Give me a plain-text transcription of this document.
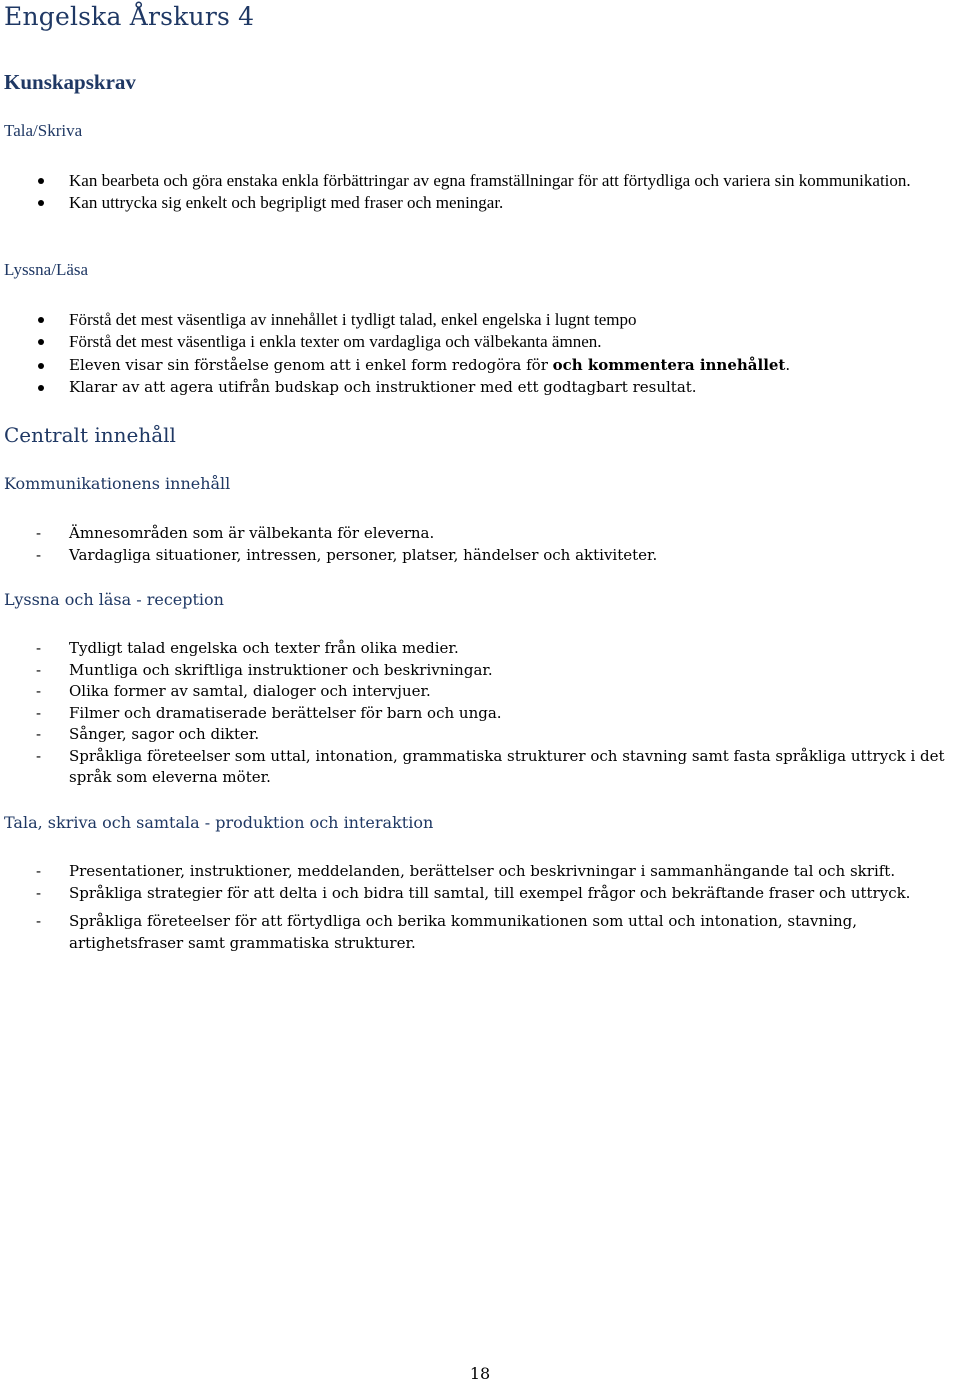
Engelska Årskurs 4
Kunskapskrav
Tala/Skriva
Kan bearbeta och göra enstaka enkla förbättringar av egna framställningar för att förtydliga och variera sin kommunikation.
Kan uttrycka sig enkelt och begripligt med fraser och meningar.
Lyssna/Läsa
Förstå det mest väsentliga av innehållet i tydligt talad, enkel engelska i lugnt tempo
Förstå det mest väsentliga i enkla texter om vardagliga och välbekanta ämnen.
Eleven visar sin förståelse genom att i enkel form redogöra för och kommentera innehållet.
Klarar av att agera utifrån budskap och instruktioner med ett godtagbart resultat.
Centralt innehåll
Kommunikationens innehåll
- Ämnesområden som är välbekanta för eleverna.
- Vardagliga situationer, intressen, personer, platser, händelser och aktiviteter.
Lyssna och läsa - reception
- Tydligt talad engelska och texter från olika medier.
- Muntliga och skriftliga instruktioner och beskrivningar.
- Olika former av samtal, dialoger och intervjuer.
- Filmer och dramatiserade berättelser för barn och unga.
- Sånger, sagor och dikter.
- Språkliga företeelser som uttal, intonation, grammatiska strukturer och stavning samt fasta språkliga uttryck i det språk som eleverna möter.
Tala, skriva och samtala - produktion och interaktion
- Presentationer, instruktioner, meddelanden, berättelser och beskrivningar i sammanhängande tal och skrift.
- Språkliga strategier för att delta i och bidra till samtal, till exempel frågor och bekräftande fraser och uttryck.
- Språkliga företeelser för att förtydliga och berika kommunikationen som uttal och intonation, stavning, artighetsfraser samt grammatiska strukturer.
18
